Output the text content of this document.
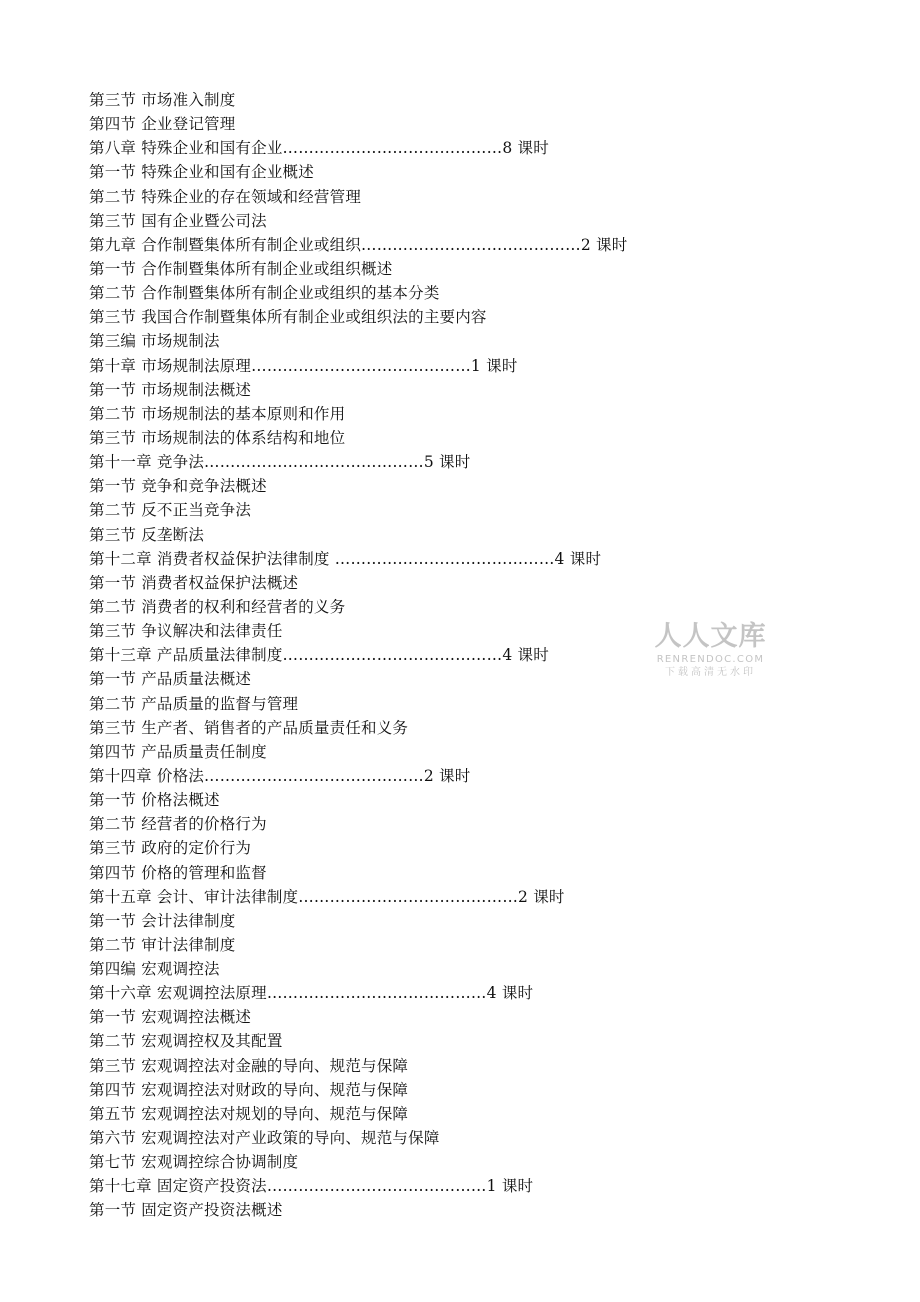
第三节 市场准入制度
第四节 企业登记管理
第八章 特殊企业和国有企业……………………………………8 课时
第一节 特殊企业和国有企业概述
第二节 特殊企业的存在领域和经营管理
第三节 国有企业暨公司法
第九章 合作制暨集体所有制企业或组织……………………………………2 课时
第一节 合作制暨集体所有制企业或组织概述
第二节 合作制暨集体所有制企业或组织的基本分类
第三节 我国合作制暨集体所有制企业或组织法的主要内容
第三编 市场规制法
第十章 市场规制法原理……………………………………1 课时
第一节 市场规制法概述
第二节 市场规制法的基本原则和作用
第三节 市场规制法的体系结构和地位
第十一章 竞争法……………………………………5 课时
第一节 竞争和竞争法概述
第二节 反不正当竞争法
第三节 反垄断法
第十二章 消费者权益保护法律制度 ……………………………………4 课时
第一节 消费者权益保护法概述
第二节 消费者的权利和经营者的义务
第三节 争议解决和法律责任
第十三章 产品质量法律制度……………………………………4 课时
第一节 产品质量法概述
第二节 产品质量的监督与管理
第三节 生产者、销售者的产品质量责任和义务
第四节 产品质量责任制度
第十四章 价格法……………………………………2 课时
第一节 价格法概述
第二节 经营者的价格行为
第三节 政府的定价行为
第四节 价格的管理和监督
第十五章 会计、审计法律制度……………………………………2 课时
第一节 会计法律制度
第二节 审计法律制度
第四编 宏观调控法
第十六章 宏观调控法原理……………………………………4 课时
第一节 宏观调控法概述
第二节 宏观调控权及其配置
第三节 宏观调控法对金融的导向、规范与保障
第四节 宏观调控法对财政的导向、规范与保障
第五节 宏观调控法对规划的导向、规范与保障
第六节 宏观调控法对产业政策的导向、规范与保障
第七节 宏观调控综合协调制度
第十七章 固定资产投资法……………………………………1 课时
第一节 固定资产投资法概述
人人文库
RENRENDOC.COM
下载高清无水印
